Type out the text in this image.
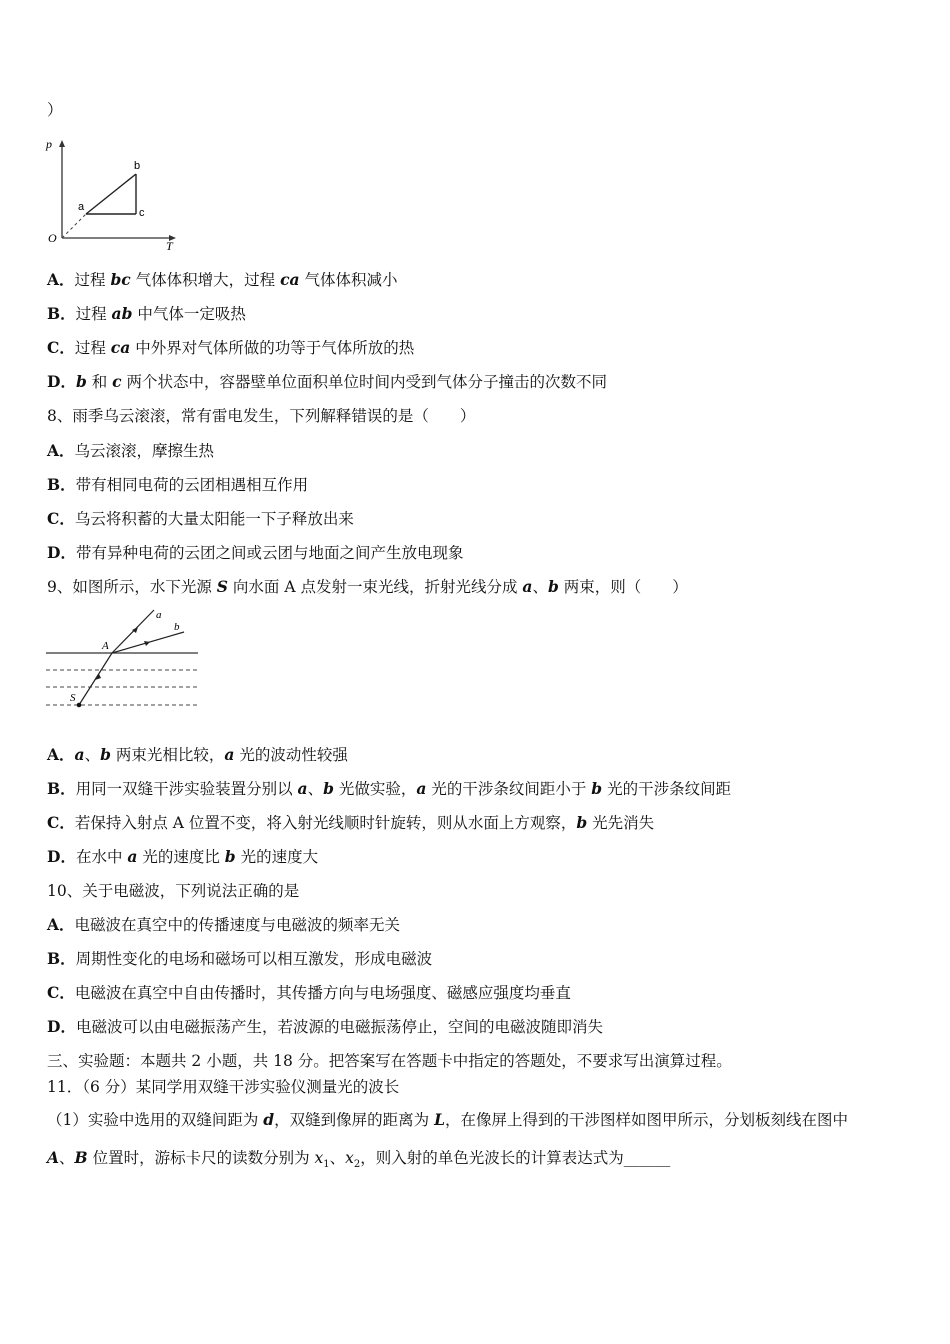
）
p
T
O
a
b
c
A．过程 bc 气体体积增大，过程 ca 气体体积减小
B．过程 ab 中气体一定吸热
C．过程 ca 中外界对气体所做的功等于气体所放的热
D．b 和 c 两个状态中，容器壁单位面积单位时间内受到气体分子撞击的次数不同
8、雨季乌云滚滚，常有雷电发生，下列解释错误的是（　　）
A．乌云滚滚，摩擦生热
B．带有相同电荷的云团相遇相互作用
C．乌云将积蓄的大量太阳能一下子释放出来
D．带有异种电荷的云团之间或云团与地面之间产生放电现象
9、如图所示，水下光源 S 向水面 A 点发射一束光线，折射光线分成 a、b 两束，则（　　）
a
b
A
S
A．a、b 两束光相比较，a 光的波动性较强
B．用同一双缝干涉实验装置分别以 a、b 光做实验，a 光的干涉条纹间距小于 b 光的干涉条纹间距
C．若保持入射点 A 位置不变，将入射光线顺时针旋转，则从水面上方观察，b 光先消失
D．在水中 a 光的速度比 b 光的速度大
10、关于电磁波，下列说法正确的是
A．电磁波在真空中的传播速度与电磁波的频率无关
B．周期性变化的电场和磁场可以相互激发，形成电磁波
C．电磁波在真空中自由传播时，其传播方向与电场强度、磁感应强度均垂直
D．电磁波可以由电磁振荡产生，若波源的电磁振荡停止，空间的电磁波随即消失
三、实验题：本题共 2 小题，共 18 分。把答案写在答题卡中指定的答题处，不要求写出演算过程。
11．（6 分）某同学用双缝干涉实验仪测量光的波长
（1）实验中选用的双缝间距为 d，双缝到像屏的距离为 L，在像屏上得到的干涉图样如图甲所示，分划板刻线在图中
A、B 位置时，游标卡尺的读数分别为 $x_1$、$x_2$，则入射的单色光波长的计算表达式为______
